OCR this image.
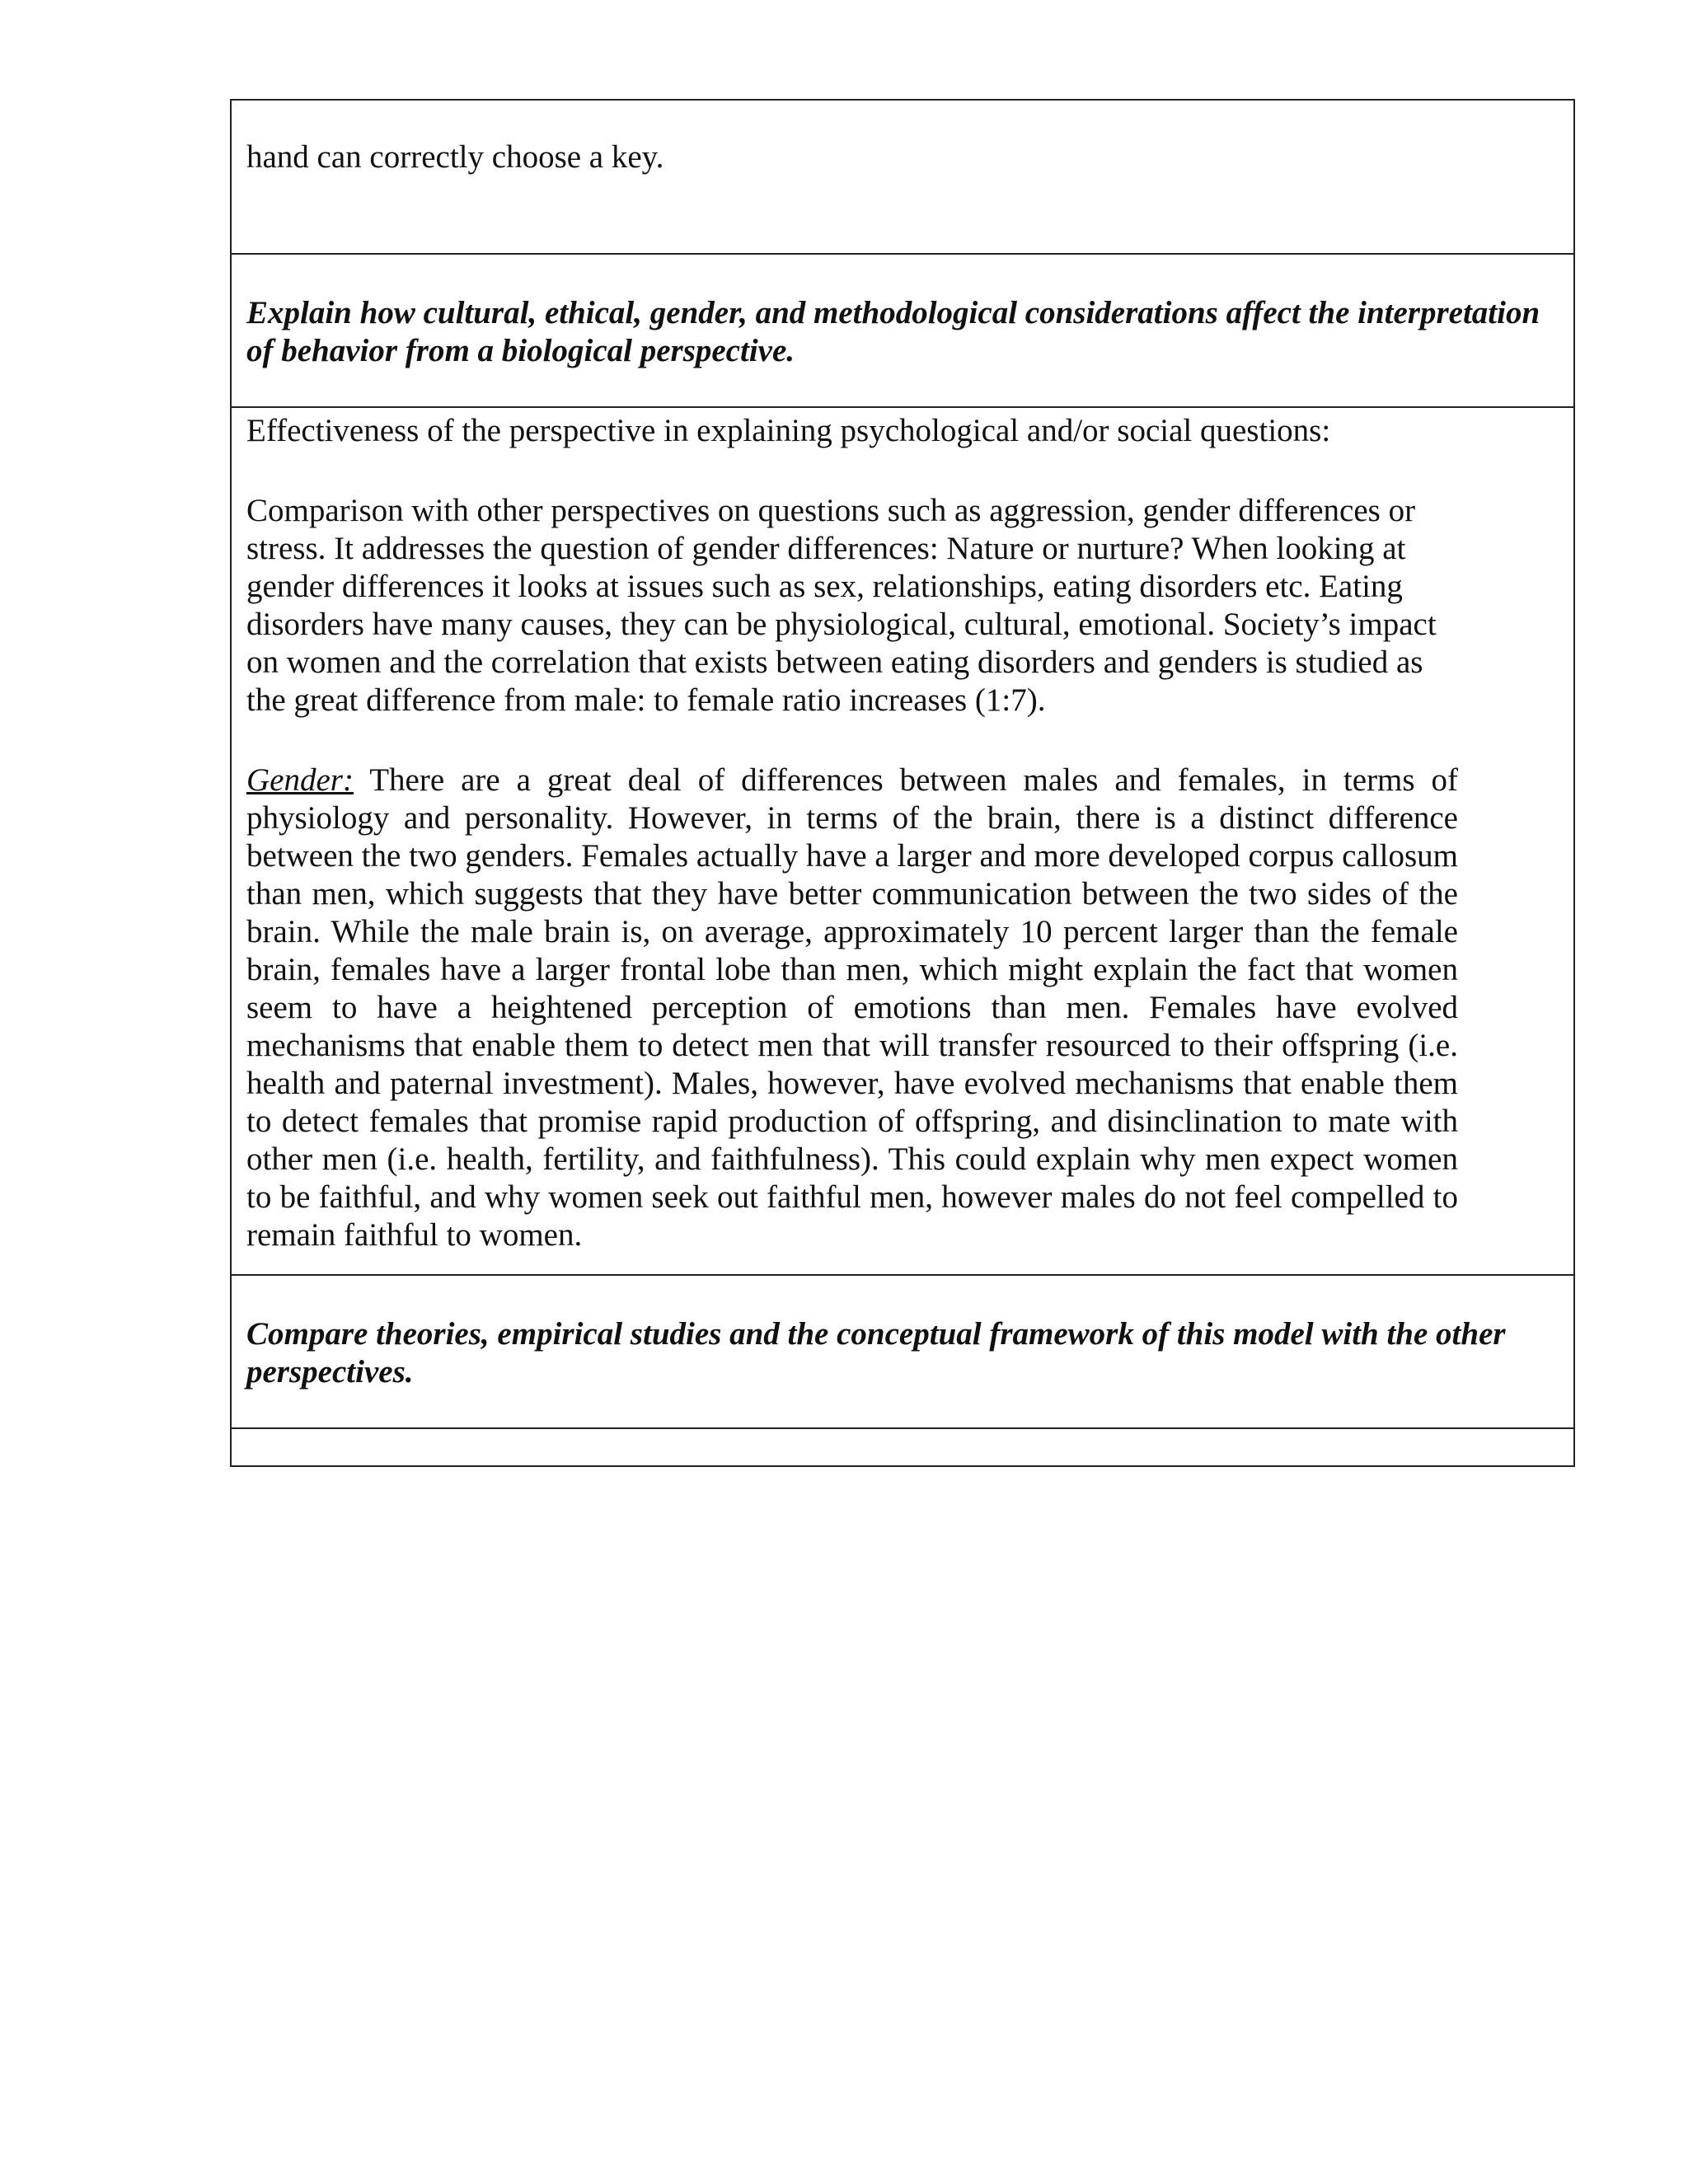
hand can correctly choose a key.

Explain how cultural, ethical, gender, and methodological considerations affect the interpretation of behavior from a biological perspective.

Effectiveness of the perspective in explaining psychological and/or social questions:

Comparison with other perspectives on questions such as aggression, gender differences or stress. It addresses the question of gender differences: Nature or nurture? When looking at gender differences it looks at issues such as sex, relationships, eating disorders etc. Eating disorders have many causes, they can be physiological, cultural, emotional. Society’s impact on women and the correlation that exists between eating disorders and genders is studied as the great difference from male: to female ratio increases (1:7).

Gender: There are a great deal of differences between males and females, in terms of physiology and personality. However, in terms of the brain, there is a distinct difference between the two genders. Females actually have a larger and more developed corpus callosum than men, which suggests that they have better communication between the two sides of the brain. While the male brain is, on average, approximately 10 percent larger than the female brain, females have a larger frontal lobe than men, which might explain the fact that women seem to have a heightened perception of emotions than men. Females have evolved mechanisms that enable them to detect men that will transfer resourced to their offspring (i.e. health and paternal investment). Males, however, have evolved mechanisms that enable them to detect females that promise rapid production of offspring, and disinclination to mate with other men (i.e. health, fertility, and faithfulness). This could explain why men expect women to be faithful, and why women seek out faithful men, however males do not feel compelled to remain faithful to women.

Compare theories, empirical studies and the conceptual framework of this model with the other perspectives.
